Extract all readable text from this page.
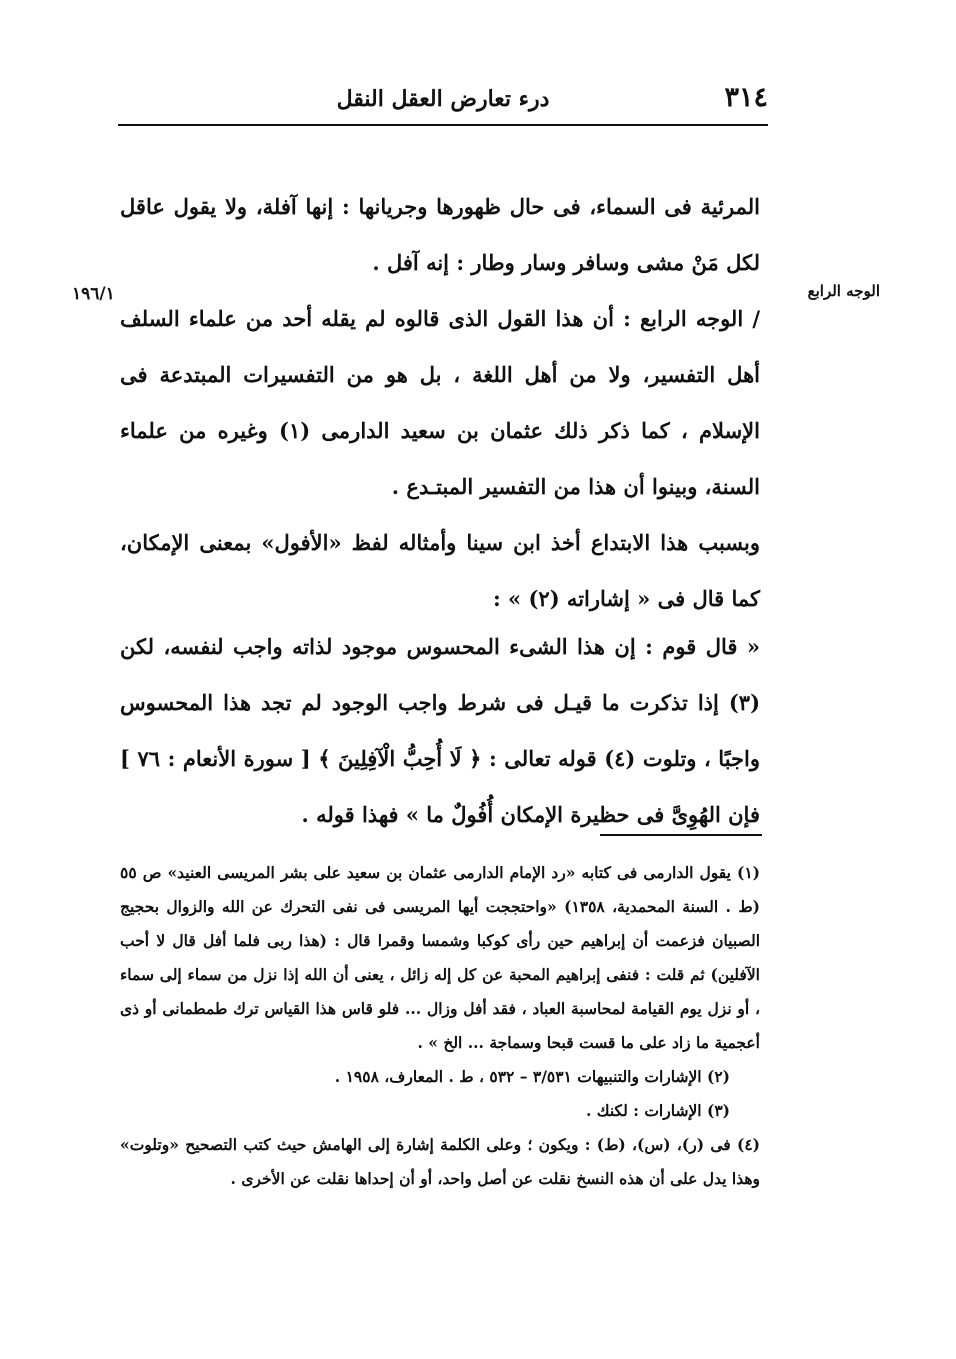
٣١٤
درء تعارض العقل النقل
الوجه الرابع
١٩٦/١

المرئية فى السماء، فى حال ظهورها وجريانها : إنها آفلة، ولا يقول عاقل لكل مَنْ مشى وسافر وسار وطار : إنه آفل .

/ الوجه الرابع : أن هذا القول الذى قالوه لم يقله أحد من علماء السلف أهل التفسير، ولا من أهل اللغة ، بل هو من التفسيرات المبتدعة فى الإسلام ، كما ذكر ذلك عثمان بن سعيد الدارمى (١) وغيره من علماء السنة، وبينوا أن هذا من التفسير المبتـدع .

وبسبب هذا الابتداع أخذ ابن سينا وأمثاله لفظ «الأفول» بمعنى الإمكان، كما قال فى « إشاراته (٢) » :

« قال قوم : إن هذا الشىء المحسوس موجود لذاته واجب لنفسه، لكن (٣) إذا تذكرت ما قيـل فى شرط واجب الوجود لم تجد هذا المحسوس واجبًا ، وتلوت (٤) قوله تعالى : ﴿ لَا أُحِبُّ الْآفِلِينَ ﴾ [ سورة الأنعام : ٧٦ ] فإن الهُوِىَّ فى حظيرة الإمكان أُفُولٌ ما » فهذا قوله .

(١) يقول الدارمى فى كتابه «رد الإمام الدارمى عثمان بن سعيد على بشر المريسى العنيد» ص ٥٥ (ط . السنة المحمدية، ١٣٥٨) «واحتججت أيها المريسى فى نفى التحرك عن الله والزوال بحجيج الصبيان فزعمت أن إبراهيم حين رأى كوكبا وشمسا وقمرا قال : (هذا ربى فلما أفل قال لا أحب الآفلين) ثم قلت : فنفى إبراهيم المحبة عن كل إله زائل ، يعنى أن الله إذا نزل من سماء إلى سماء ، أو نزل يوم القيامة لمحاسبة العباد ، فقد أفل وزال ... فلو قاس هذا القياس ترك طمطمانى أو ذى أعجمية ما زاد على ما قست قبحا وسماجة ... الخ » .

(٢) الإشارات والتنبيهات ٣/٥٣١ – ٥٣٢ ، ط . المعارف، ١٩٥٨ .

(٣) الإشارات : لكنك .

(٤) فى (ر)، (س)، (ط) : ويكون ؛ وعلى الكلمة إشارة إلى الهامش حيث كتب التصحيح «وتلوت» وهذا يدل على أن هذه النسخ نقلت عن أصل واحد، أو أن إحداها نقلت عن الأخرى .
